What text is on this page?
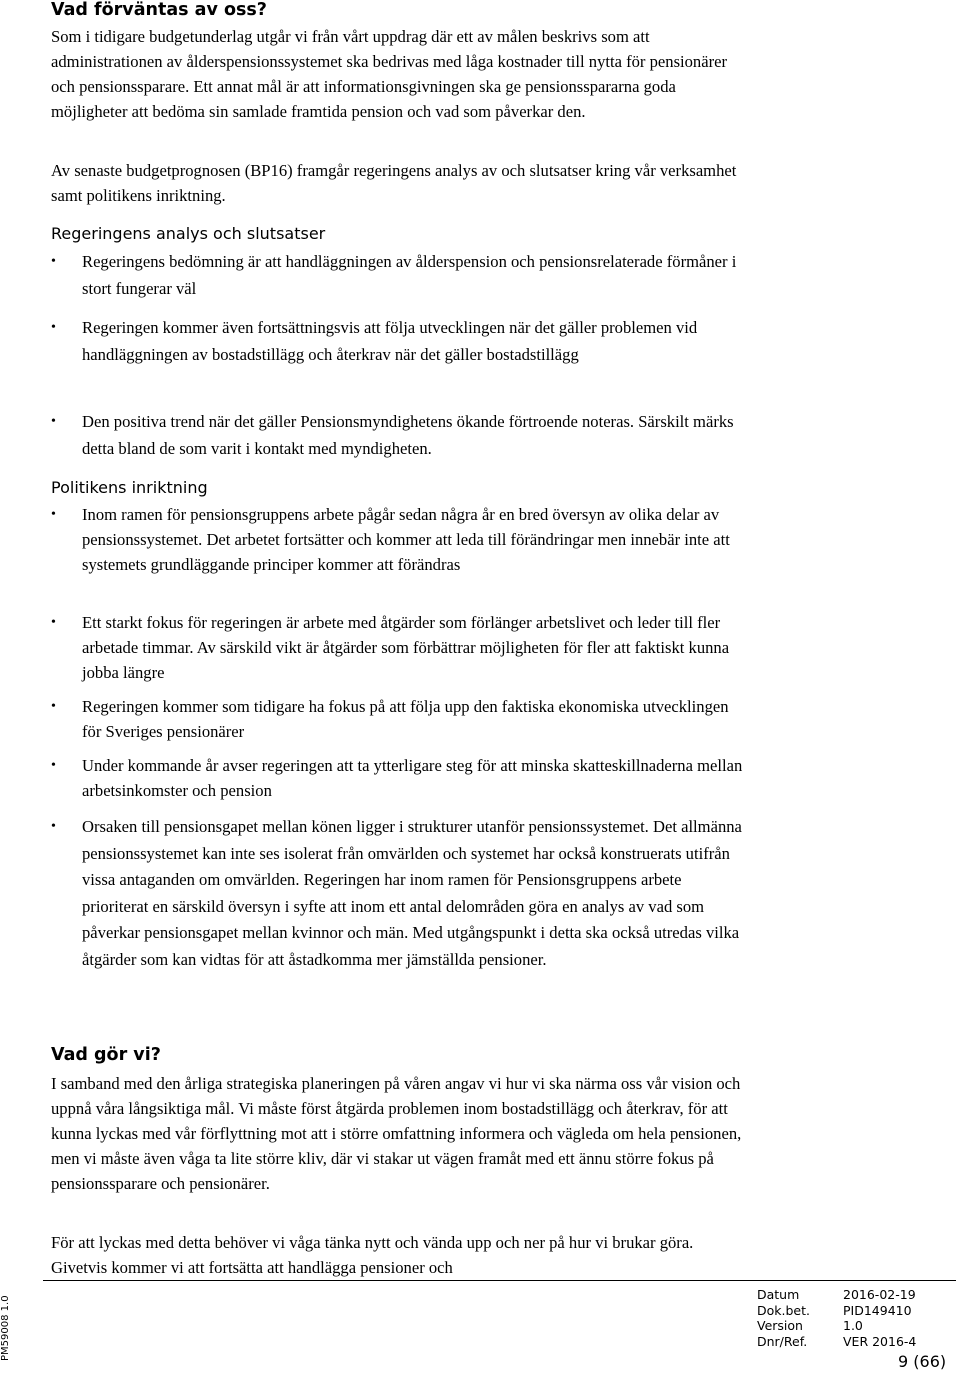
Vad förväntas av oss?

Som i tidigare budgetunderlag utgår vi från vårt uppdrag där ett av målen beskrivs som att administrationen av ålderspensionssystemet ska bedrivas med låga kostnader till nytta för pensionärer och pensionssparare. Ett annat mål är att informationsgivningen ska ge pensionsspararna goda möjligheter att bedöma sin samlade framtida pension och vad som påverkar den.

Av senaste budgetprognosen (BP16) framgår regeringens analys av och slutsatser kring vår verksamhet samt politikens inriktning.

Regeringens analys och slutsatser
• Regeringens bedömning är att handläggningen av ålderspension och pensionsrelaterade förmåner i stort fungerar väl
• Regeringen kommer även fortsättningsvis att följa utvecklingen när det gäller problemen vid handläggningen av bostadstillägg och återkrav när det gäller bostadstillägg
• Den positiva trend när det gäller Pensionsmyndighetens ökande förtroende noteras. Särskilt märks detta bland de som varit i kontakt med myndigheten.
Politikens inriktning
• Inom ramen för pensionsgruppens arbete pågår sedan några år en bred översyn av olika delar av pensionssystemet. Det arbetet fortsätter och kommer att leda till förändringar men innebär inte att systemets grundläggande principer kommer att förändras
• Ett starkt fokus för regeringen är arbete med åtgärder som förlänger arbetslivet och leder till fler arbetade timmar. Av särskild vikt är åtgärder som förbättrar möjligheten för fler att faktiskt kunna jobba längre
• Regeringen kommer som tidigare ha fokus på att följa upp den faktiska ekonomiska utvecklingen för Sveriges pensionärer
• Under kommande år avser regeringen att ta ytterligare steg för att minska skatteskillnaderna mellan arbetsinkomster och pension
• Orsaken till pensionsgapet mellan könen ligger i strukturer utanför pensionssystemet. Det allmänna pensionssystemet kan inte ses isolerat från omvärlden och systemet har också konstruerats utifrån vissa antaganden om omvärlden. Regeringen har inom ramen för Pensionsgruppens arbete prioriterat en särskild översyn i syfte att inom ett antal delområden göra en analys av vad som påverkar pensionsgapet mellan kvinnor och män. Med utgångspunkt i detta ska också utredas vilka åtgärder som kan vidtas för att åstadkomma mer jämställda pensioner.
Vad gör vi?

I samband med den årliga strategiska planeringen på våren angav vi hur vi ska närma oss vår vision och uppnå våra långsiktiga mål. Vi måste först åtgärda problemen inom bostadstillägg och återkrav, för att kunna lyckas med vår förflyttning mot att i större omfattning informera och vägleda om hela pensionen, men vi måste även våga ta lite större kliv, där vi stakar ut vägen framåt med ett ännu större fokus på pensionssparare och pensionärer.

För att lyckas med detta behöver vi våga tänka nytt och vända upp och ner på hur vi brukar göra. Givetvis kommer vi att fortsätta att handlägga pensioner och

PM59008 1.0
Datum	2016-02-19
Dok.bet.	PID149410
Version	1.0
Dnr/Ref.	VER 2016-4
9 (66)
